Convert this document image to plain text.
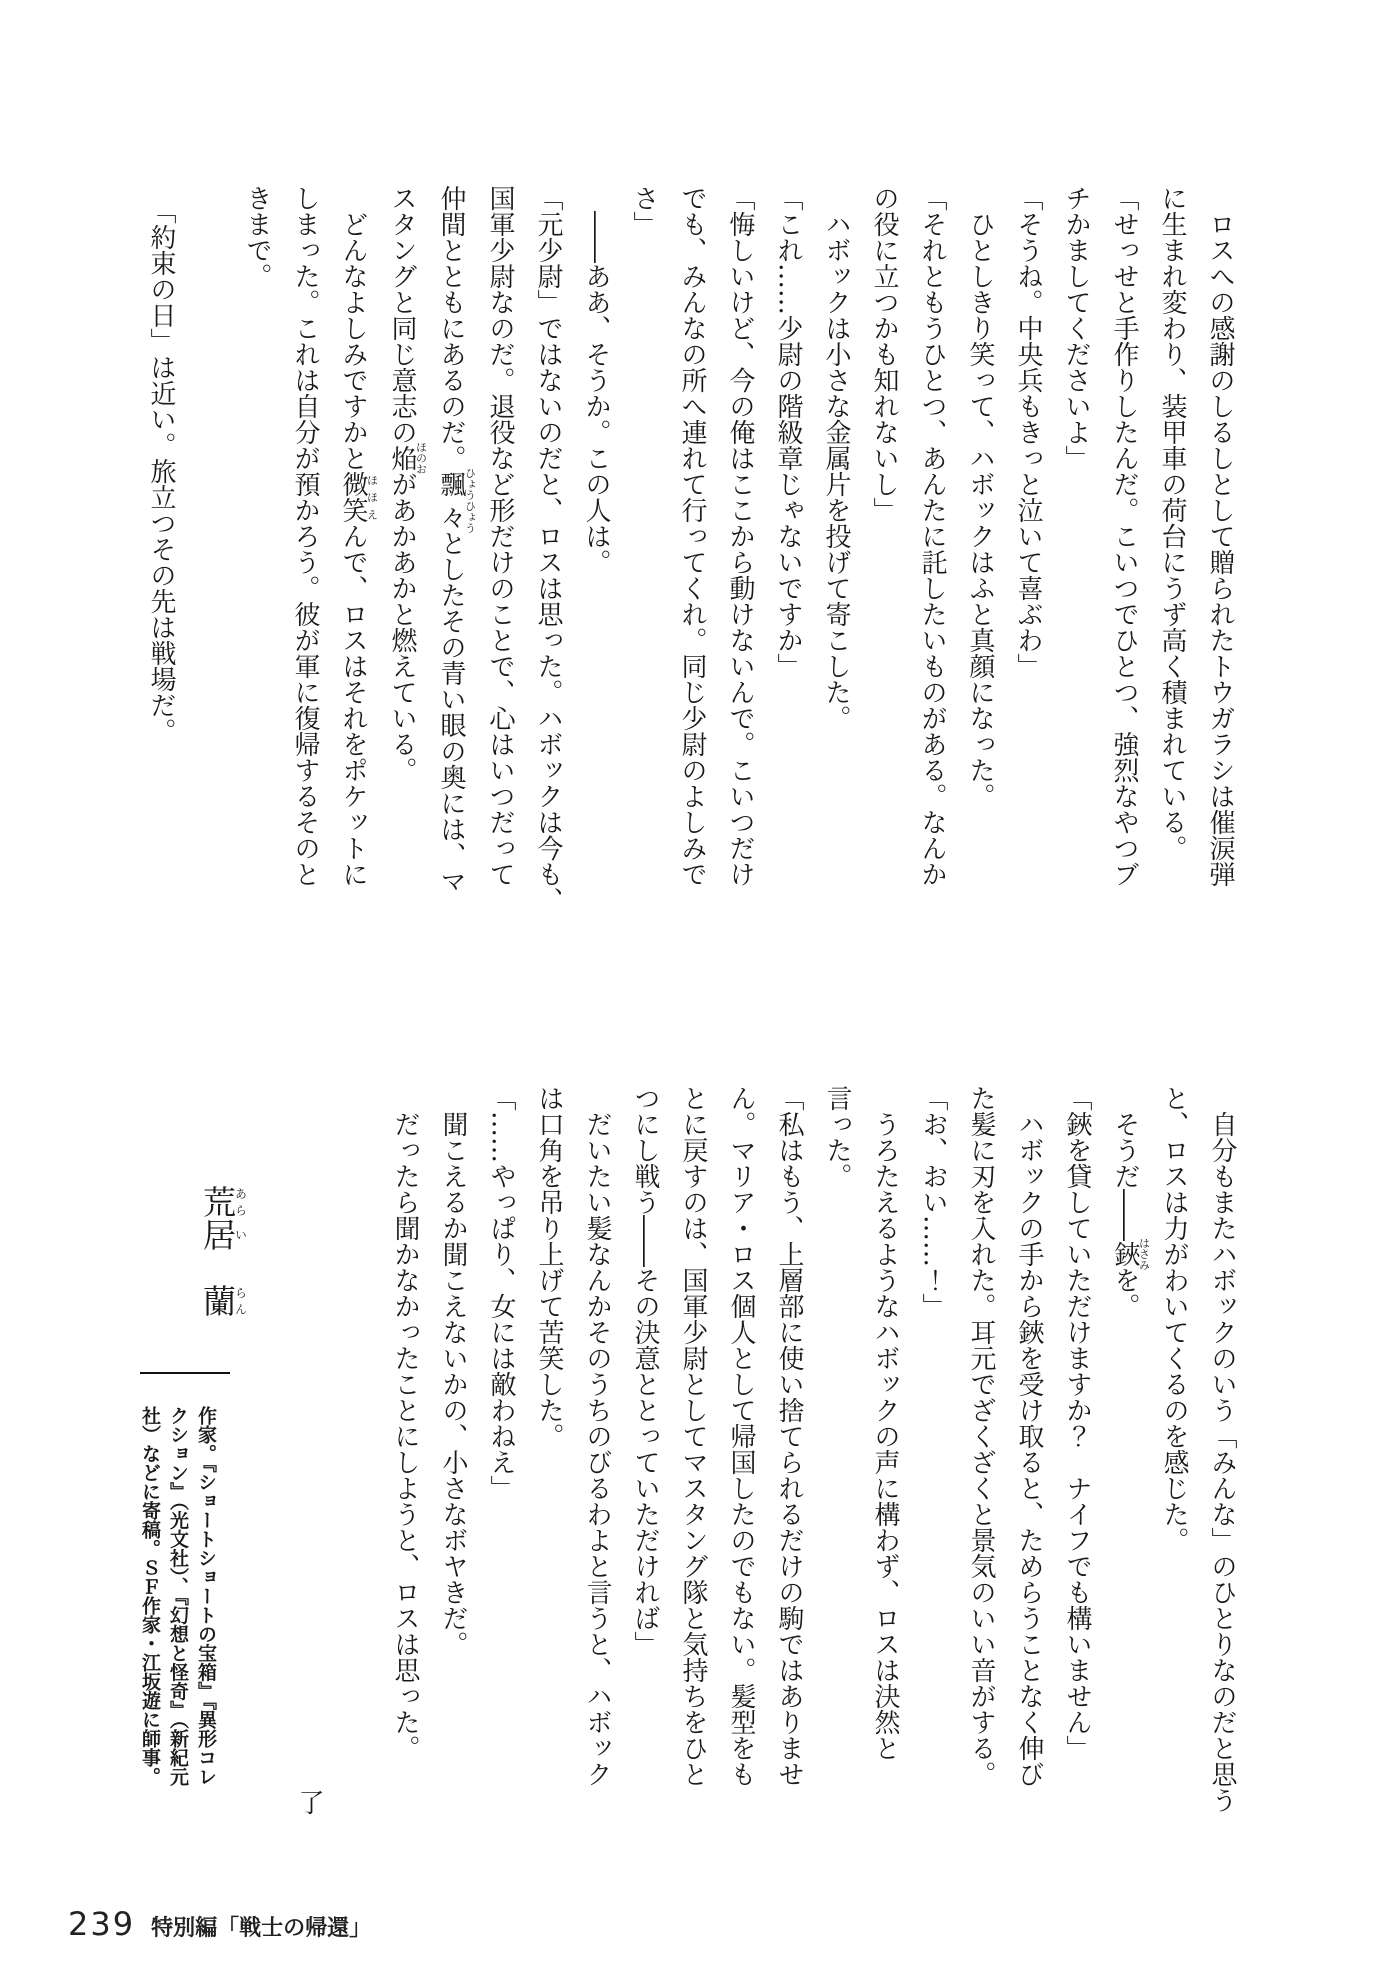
　ロスへの感謝のしるしとして贈られたトウガラシは催涙弾

に生まれ変わり、装甲車の荷台にうず高く積まれている。

「せっせと手作りしたんだ。こいつでひとつ、強烈なやつブ

チかましてくださいよ」

「そうね。中央兵もきっと泣いて喜ぶわ」

　ひとしきり笑って、ハボックはふと真顔になった。

「それともうひとつ、あんたに託したいものがある。なんか

の役に立つかも知れないし」

　ハボックは小さな金属片を投げて寄こした。

「これ……少尉の階級章じゃないですか」

「悔しいけど、今の俺はここから動けないんで。こいつだけ

でも、みんなの所へ連れて行ってくれ。同じ少尉のよしみで

さ」

　――ああ、そうか。この人は。

「元少尉」ではないのだと、ロスは思った。ハボックは今も、

国軍少尉なのだ。退役など形だけのことで、心はいつだって

仲間とともにあるのだ。飄々ひょうひょうとしたその青い眼の奥には、マ

スタングと同じ意志の焔ほのおがあかあかと燃えている。

　どんなよしみですかと微笑ほほえんで、ロスはそれをポケットに

しまった。これは自分が預かろう。彼が軍に復帰するそのと

きまで。

　「約束の日」は近い。旅立つその先は戦場だ。

　自分もまたハボックのいう「みんな」のひとりなのだと思う

と、ロスは力がわいてくるのを感じた。

　そうだ――鋏はさみを。

「鋏を貸していただけますか？　ナイフでも構いません」

　ハボックの手から鋏を受け取ると、ためらうことなく伸び

た髪に刃を入れた。耳元でざくざくと景気のいい音がする。

「お、おい……！」

　うろたえるようなハボックの声に構わず、ロスは決然と

言った。

「私はもう、上層部に使い捨てられるだけの駒ではありませ

ん。マリア・ロス個人として帰国したのでもない。髪型をも

とに戻すのは、国軍少尉としてマスタング隊と気持ちをひと

つにし戦う――その決意ととっていただければ」

　だいたい髪なんかそのうちのびるわよと言うと、ハボック

は口角を吊り上げて苦笑した。

「……やっぱり、女には敵わねえ」

　聞こえるか聞こえないかの、小さなボヤきだ。

　だったら聞かなかったことにしようと、ロスは思った。

了

荒あら居い　蘭らん

作家。『ショートショートの宝箱』『異形コレ

クション』（光文社）、『幻想と怪奇』（新紀元

社）などに寄稿。ＳＦ作家・江坂遊に師事。

239 特別編「戦士の帰還」
